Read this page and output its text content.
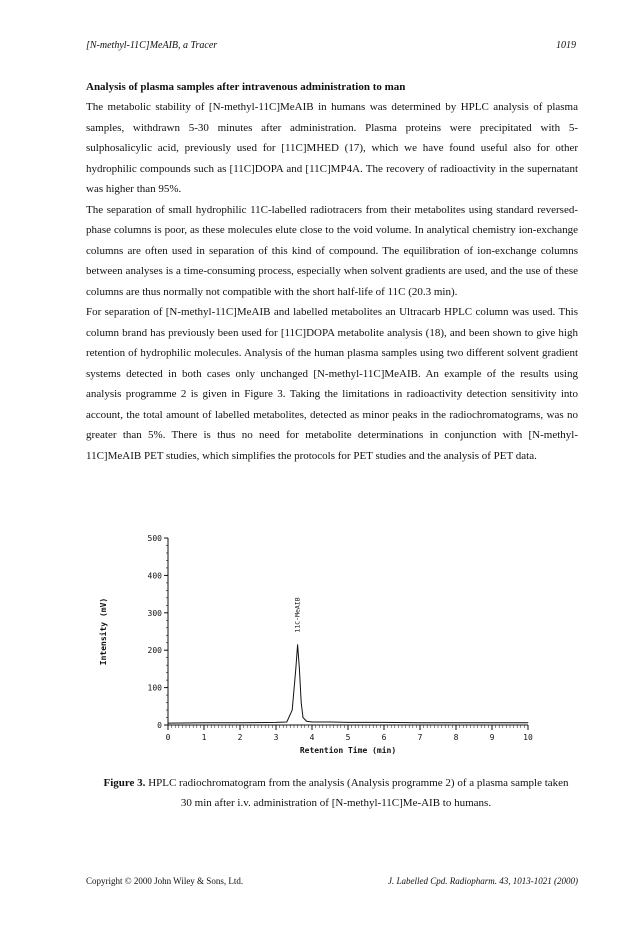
[N-methyl-11C]MeAIB, a Tracer	1019
Analysis of plasma samples after intravenous administration to man

The metabolic stability of [N-methyl-11C]MeAIB in humans was determined by HPLC analysis of plasma samples, withdrawn 5-30 minutes after administration. Plasma proteins were precipitated with 5-sulphosalicylic acid, previously used for [11C]MHED (17), which we have found useful also for other hydrophilic compounds such as [11C]DOPA and [11C]MP4A. The recovery of radioactivity in the supernatant was higher than 95%.

The separation of small hydrophilic 11C-labelled radiotracers from their metabolites using standard reversed-phase columns is poor, as these molecules elute close to the void volume. In analytical chemistry ion-exchange columns are often used in separation of this kind of compound. The equilibration of ion-exchange columns between analyses is a time-consuming process, especially when solvent gradients are used, and the use of these columns are thus normally not compatible with the short half-life of 11C (20.3 min).

For separation of [N-methyl-11C]MeAIB and labelled metabolites an Ultracarb HPLC column was used. This column brand has previously been used for [11C]DOPA metabolite analysis (18), and been shown to give high retention of hydrophilic molecules. Analysis of the human plasma samples using two different solvent gradient systems detected in both cases only unchanged [N-methyl-11C]MeAIB. An example of the results using analysis programme 2 is given in Figure 3. Taking the limitations in radioactivity detection sensitivity into account, the total amount of labelled metabolites, detected as minor peaks in the radiochromatograms, was no greater than 5%. There is thus no need for metabolite determinations in conjunction with [N-methyl-11C]MeAIB PET studies, which simplifies the protocols for PET studies and the analysis of PET data.

0
100
200
300
400
500
0	1	2	3	4	5	6	7	8	9	10
Retention Time (min)
Intensity (mV)	11C-MeAIB
Figure 3. HPLC radiochromatogram from the analysis (Analysis programme 2) of a plasma sample taken 30 min after i.v. administration of [N-methyl-11C]Me-AIB to humans.
Copyright © 2000 John Wiley & Sons, Ltd.	J. Labelled Cpd. Radiopharm. 43, 1013-1021 (2000)
